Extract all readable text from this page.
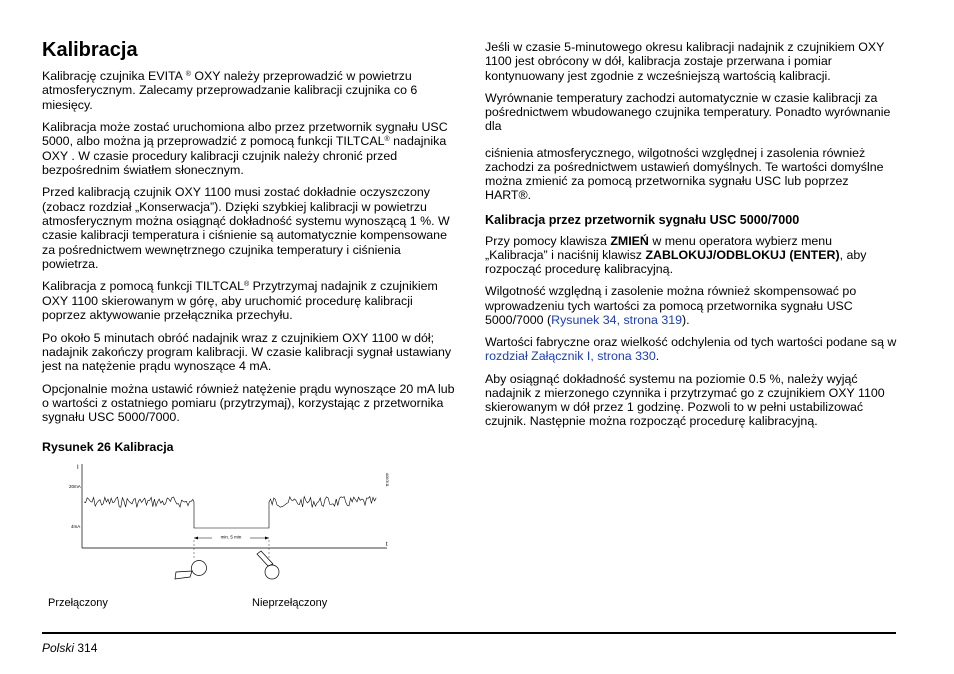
Kalibracja

Kalibrację czujnika EVITA ® OXY należy przeprowadzić w powietrzu atmosferycznym. Zalecamy przeprowadzanie kalibracji czujnika co 6 miesięcy.

Kalibracja może zostać uruchomiona albo przez przetwornik sygnału USC 5000, albo można ją przeprowadzić z pomocą funkcji TILTCAL® nadajnika OXY . W czasie procedury kalibracji czujnik należy chronić przed bezpośrednim światłem słonecznym.

Przed kalibracją czujnik OXY 1100 musi zostać dokładnie oczyszczony (zobacz rozdział „Konserwacja”). Dzięki szybkiej kalibracji w powietrzu atmosferycznym można osiągnąć dokładność systemu wynoszącą 1 %. W czasie kalibracji temperatura i ciśnienie są automatycznie kompensowane za pośrednictwem wewnętrznego czujnika temperatury i ciśnienia powietrza.

Kalibracja z pomocą funkcji TILTCAL® Przytrzymaj nadajnik z czujnikiem OXY 1100 skierowanym w górę, aby uruchomić procedurę kalibracji poprzez aktywowanie przełącznika przechyłu.

Po około 5 minutach obróć nadajnik wraz z czujnikiem OXY 1100 w dół; nadajnik zakończy program kalibracji. W czasie kalibracji sygnał ustawiany jest na natężenie prądu wynoszące 4 mA.

Opcjonalnie można ustawić również natężenie prądu wynoszące 20 mA lub o wartości z ostatniego pomiaru (przytrzymaj), korzystając z przetwornika sygnału USC 5000/7000.

Rysunek 26 Kalibracja

I
t
20mA
4mA
A00/3/11
min. 5 min
Przełączony	Nieprzełączony

Jeśli w czasie 5-minutowego okresu kalibracji nadajnik z czujnikiem OXY 1100 jest obrócony w dół, kalibracja zostaje przerwana i pomiar kontynuowany jest zgodnie z wcześniejszą wartością kalibracji.

Wyrównanie temperatury zachodzi automatycznie w czasie kalibracji za pośrednictwem wbudowanego czujnika temperatury. Ponadto wyrównanie dla

ciśnienia atmosferycznego, wilgotności względnej i zasolenia również zachodzi za pośrednictwem ustawień domyślnych. Te wartości domyślne można zmienić za pomocą przetwornika sygnału USC lub poprzez HART®.

Kalibracja przez przetwornik sygnału USC 5000/7000

Przy pomocy klawisza ZMIEŃ w menu operatora wybierz menu „Kalibracja” i naciśnij klawisz ZABLOKUJ/ODBLOKUJ (ENTER), aby rozpocząć procedurę kalibracyjną.

Wilgotność względną i zasolenie można również skompensować po wprowadzeniu tych wartości za pomocą przetwornika sygnału USC 5000/7000 (Rysunek 34, strona 319).

Wartości fabryczne oraz wielkość odchylenia od tych wartości podane są w rozdział Załącznik I, strona 330.

Aby osiągnąć dokładność systemu na poziomie 0.5 %, należy wyjąć nadajnik z mierzonego czynnika i przytrzymać go z czujnikiem OXY 1100 skierowanym w dół przez 1 godzinę. Pozwoli to w pełni ustabilizować czujnik. Następnie można rozpocząć procedurę kalibracyjną.

Polski 314
